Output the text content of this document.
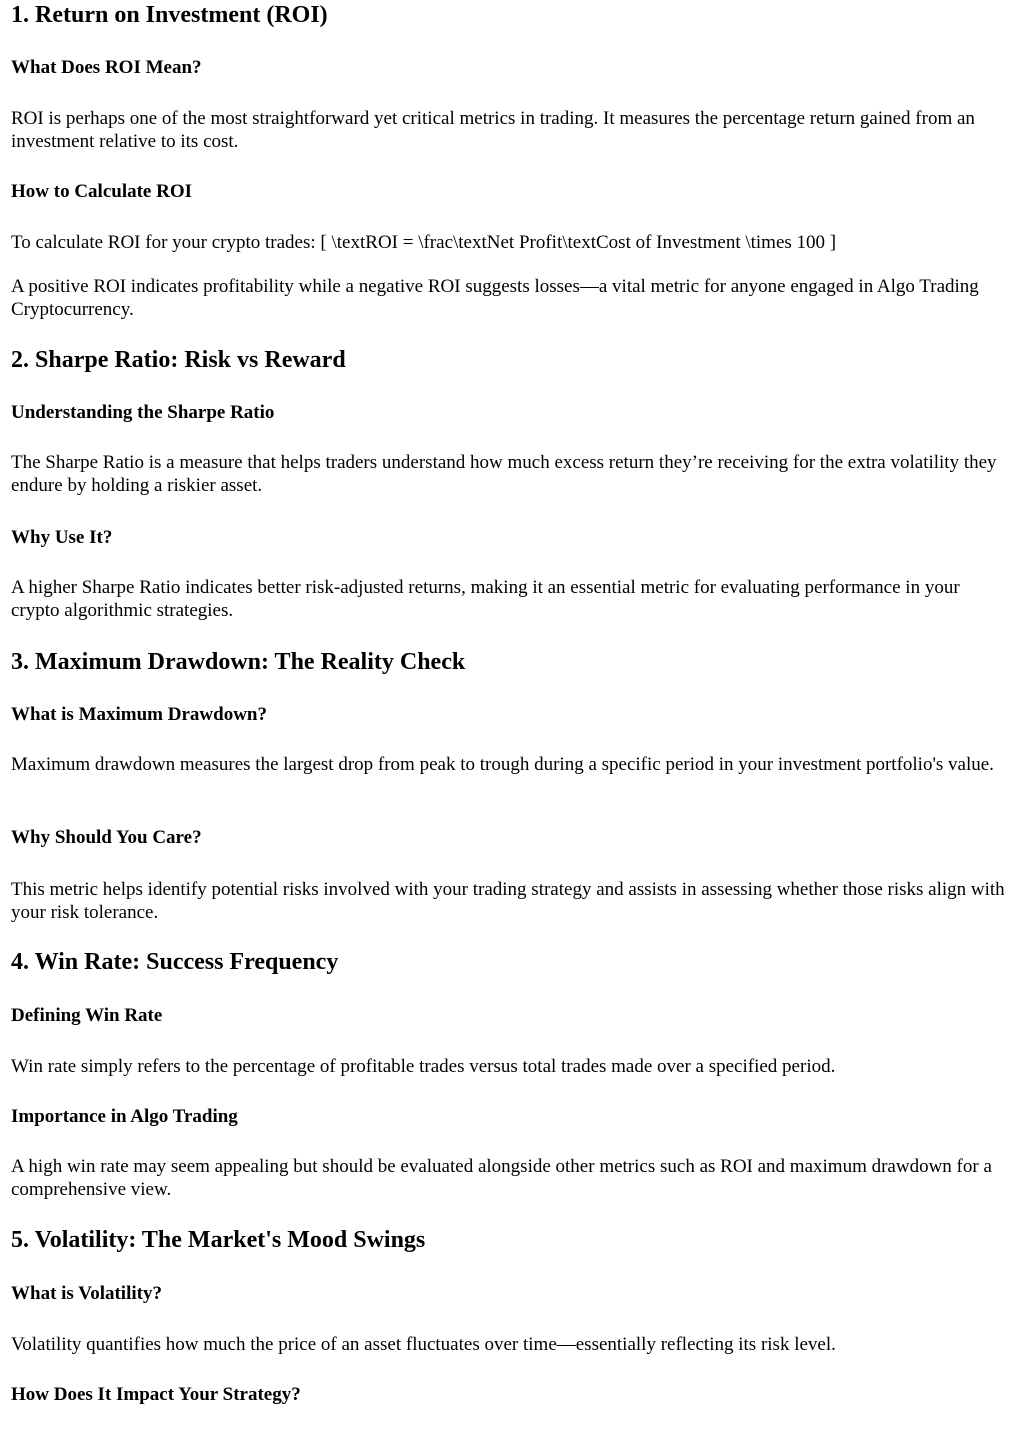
1. Return on Investment (ROI)
What Does ROI Mean?

ROI is perhaps one of the most straightforward yet critical metrics in trading. It measures the percentage return gained from an investment relative to its cost.

How to Calculate ROI

To calculate ROI for your crypto trades: [ \textROI = \frac\textNet Profit\textCost of Investment \times 100 ]

A positive ROI indicates profitability while a negative ROI suggests losses—a vital metric for anyone engaged in Algo Trading Cryptocurrency.

2. Sharpe Ratio: Risk vs Reward
Understanding the Sharpe Ratio

The Sharpe Ratio is a measure that helps traders understand how much excess return they’re receiving for the extra volatility they endure by holding a riskier asset.

Why Use It?

A higher Sharpe Ratio indicates better risk-adjusted returns, making it an essential metric for evaluating performance in your crypto algorithmic strategies.

3. Maximum Drawdown: The Reality Check
What is Maximum Drawdown?

Maximum drawdown measures the largest drop from peak to trough during a specific period in your investment portfolio's value.

Why Should You Care?

This metric helps identify potential risks involved with your trading strategy and assists in assessing whether those risks align with your risk tolerance.

4. Win Rate: Success Frequency
Defining Win Rate

Win rate simply refers to the percentage of profitable trades versus total trades made over a specified period.

Importance in Algo Trading

A high win rate may seem appealing but should be evaluated alongside other metrics such as ROI and maximum drawdown for a comprehensive view.

5. Volatility: The Market's Mood Swings
What is Volatility?

Volatility quantifies how much the price of an asset fluctuates over time—essentially reflecting its risk level.

How Does It Impact Your Strategy?
